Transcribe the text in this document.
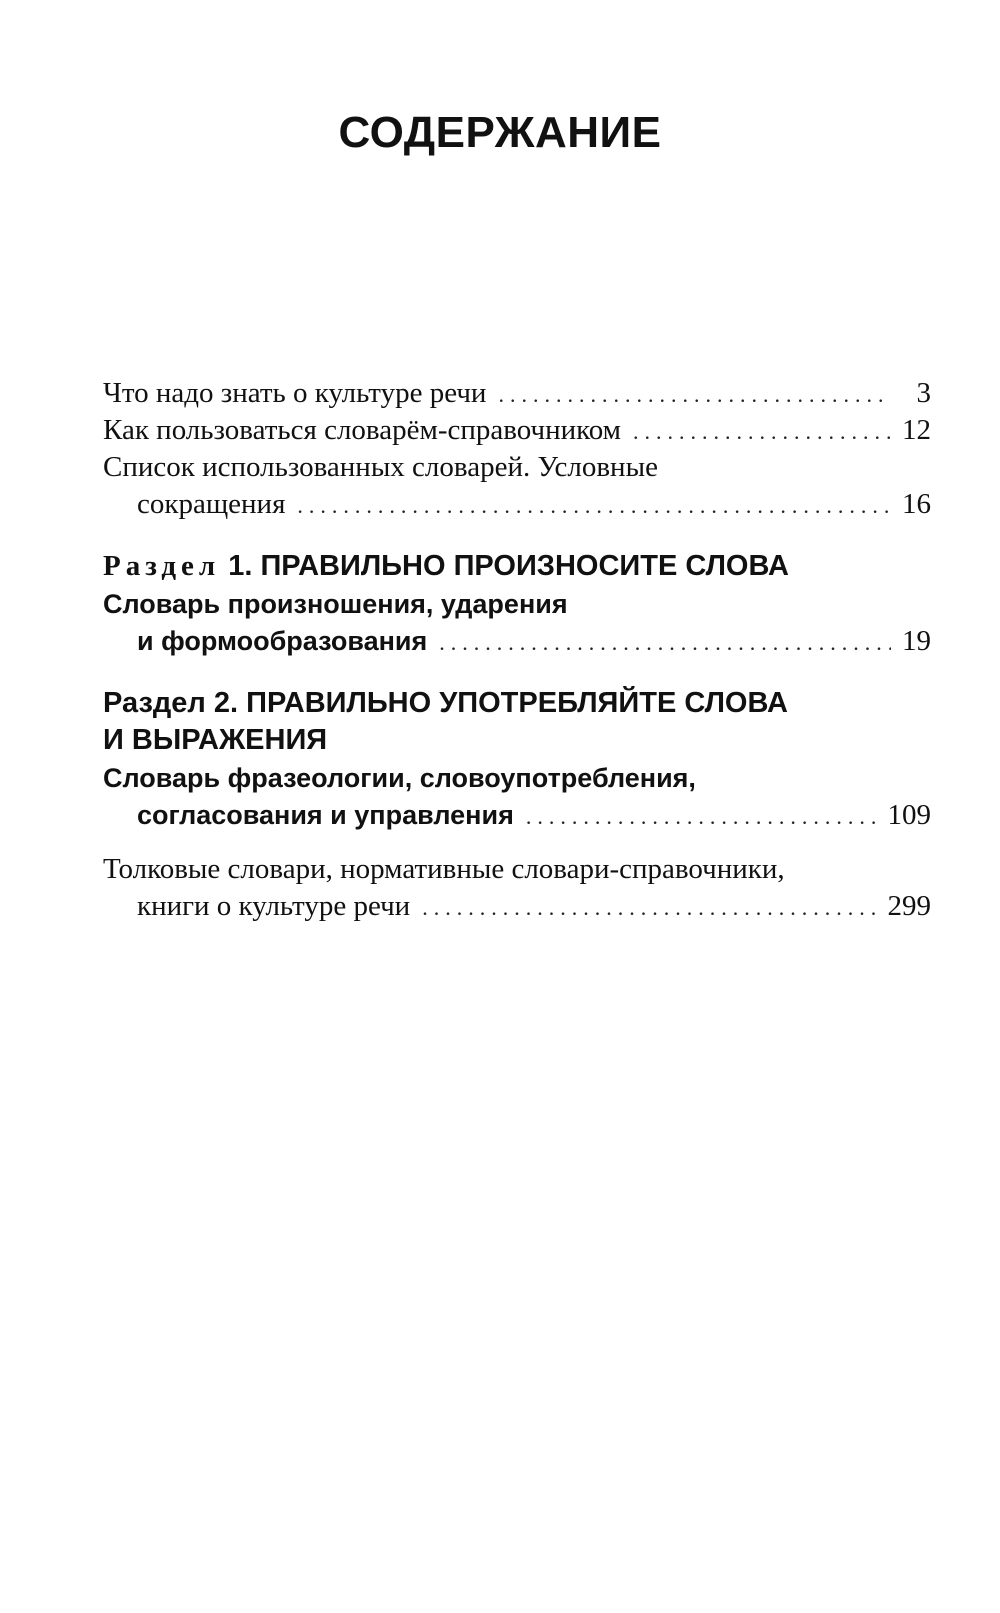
СОДЕРЖАНИЕ
Что надо знать о культуре речи .....	3
Как пользоваться словарём-справочником .....	12
Список использованных словарей. Условные
сокращения .....	16
Раздел 1. ПРАВИЛЬНО ПРОИЗНОСИТЕ СЛОВА
Словарь произношения, ударения
и формообразования .....	19
Раздел 2. ПРАВИЛЬНО УПОТРЕБЛЯЙТЕ СЛОВА
И ВЫРАЖЕНИЯ
Словарь фразеологии, словоупотребления,
согласования и управления .....	109
Толковые словари, нормативные словари-справочники,
книги о культуре речи .....	299
